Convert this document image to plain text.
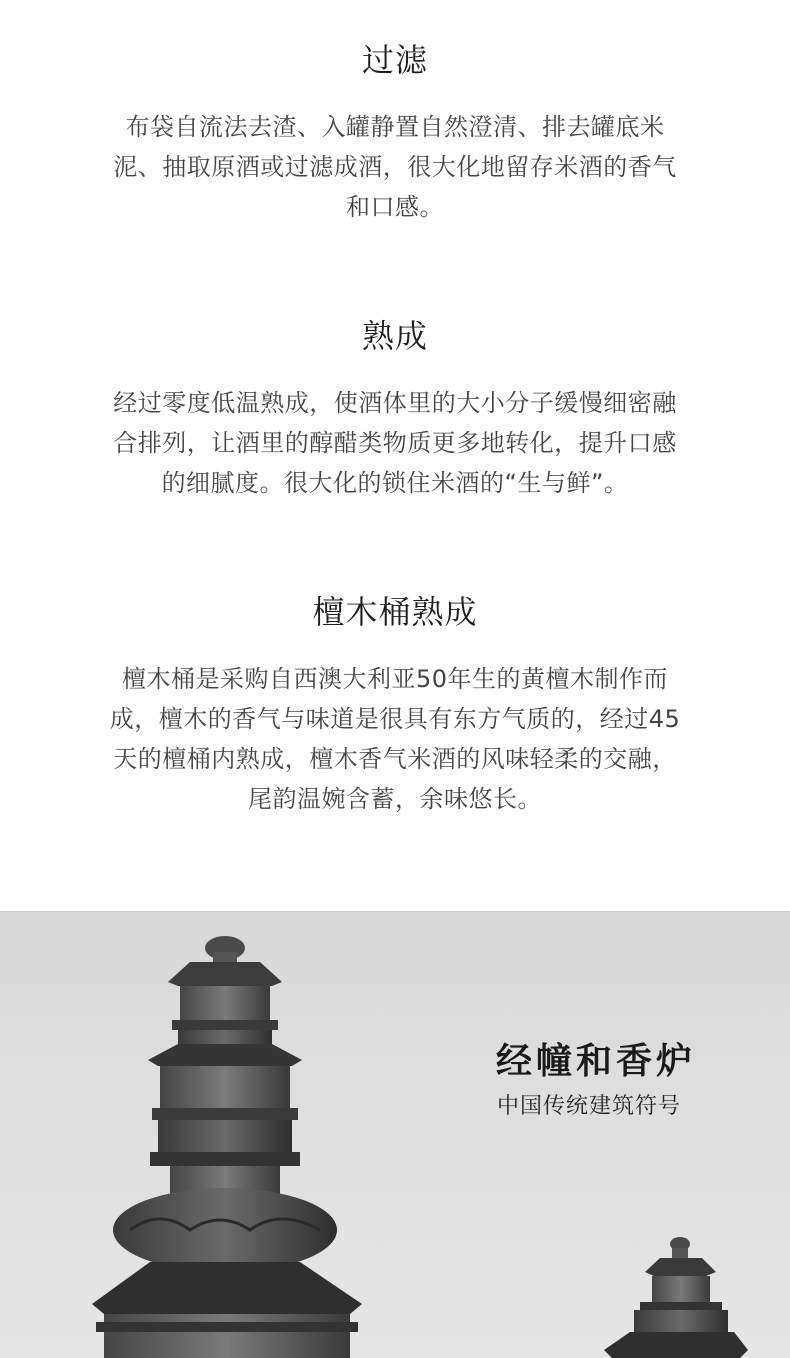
过滤

布袋自流法去渣、入罐静置自然澄清、排去罐底米
泥、抽取原酒或过滤成酒，很大化地留存米酒的香气
和口感。

熟成

经过零度低温熟成，使酒体里的大小分子缓慢细密融
合排列，让酒里的醇醋类物质更多地转化，提升口感
的细腻度。很大化的锁住米酒的“生与鲜”。

檀木桶熟成

檀木桶是采购自西澳大利亚50年生的黄檀木制作而
成，檀木的香气与味道是很具有东方气质的，经过45
天的檀桶内熟成，檀木香气米酒的风味轻柔的交融，
尾韵温婉含蓄，余味悠长。

经幢和香炉

中国传统建筑符号
